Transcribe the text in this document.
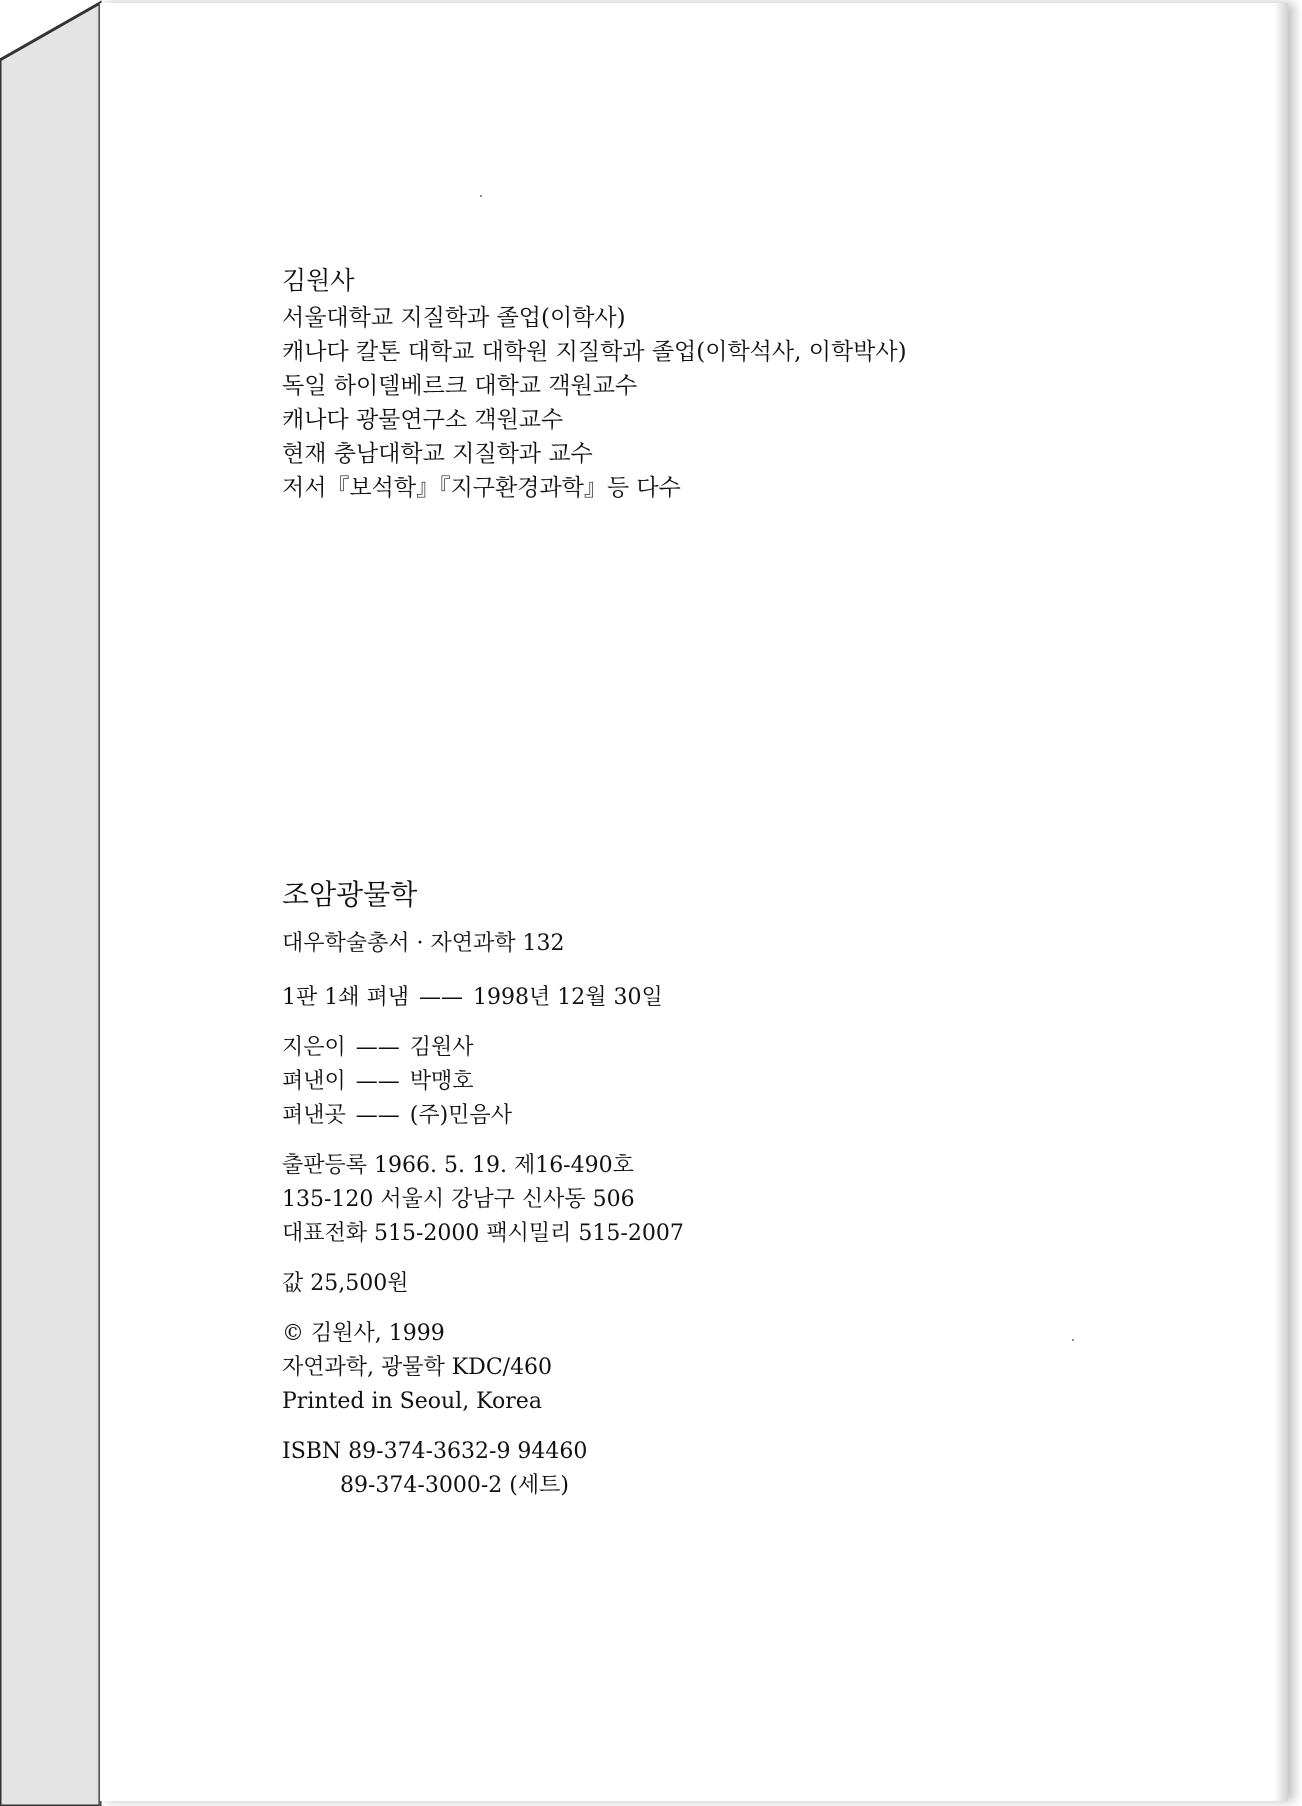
김원사
서울대학교 지질학과 졸업(이학사)
캐나다 칼톤 대학교 대학원 지질학과 졸업(이학석사, 이학박사)
독일 하이델베르크 대학교 객원교수
캐나다 광물연구소 객원교수
현재 충남대학교 지질학과 교수
저서『보석학』『지구환경과학』등 다수
조암광물학
대우학술총서 · 자연과학 132
1판 1쇄 펴냄 —— 1998년 12월 30일
지은이 —— 김원사
펴낸이 —— 박맹호
펴낸곳 —— (주)민음사
출판등록 1966. 5. 19. 제16-490호
135-120 서울시 강남구 신사동 506
대표전화 515-2000 팩시밀리 515-2007
값 25,500원
© 김원사, 1999
자연과학, 광물학 KDC/460
Printed in Seoul, Korea
ISBN 89-374-3632-9 94460
89-374-3000-2 (세트)
